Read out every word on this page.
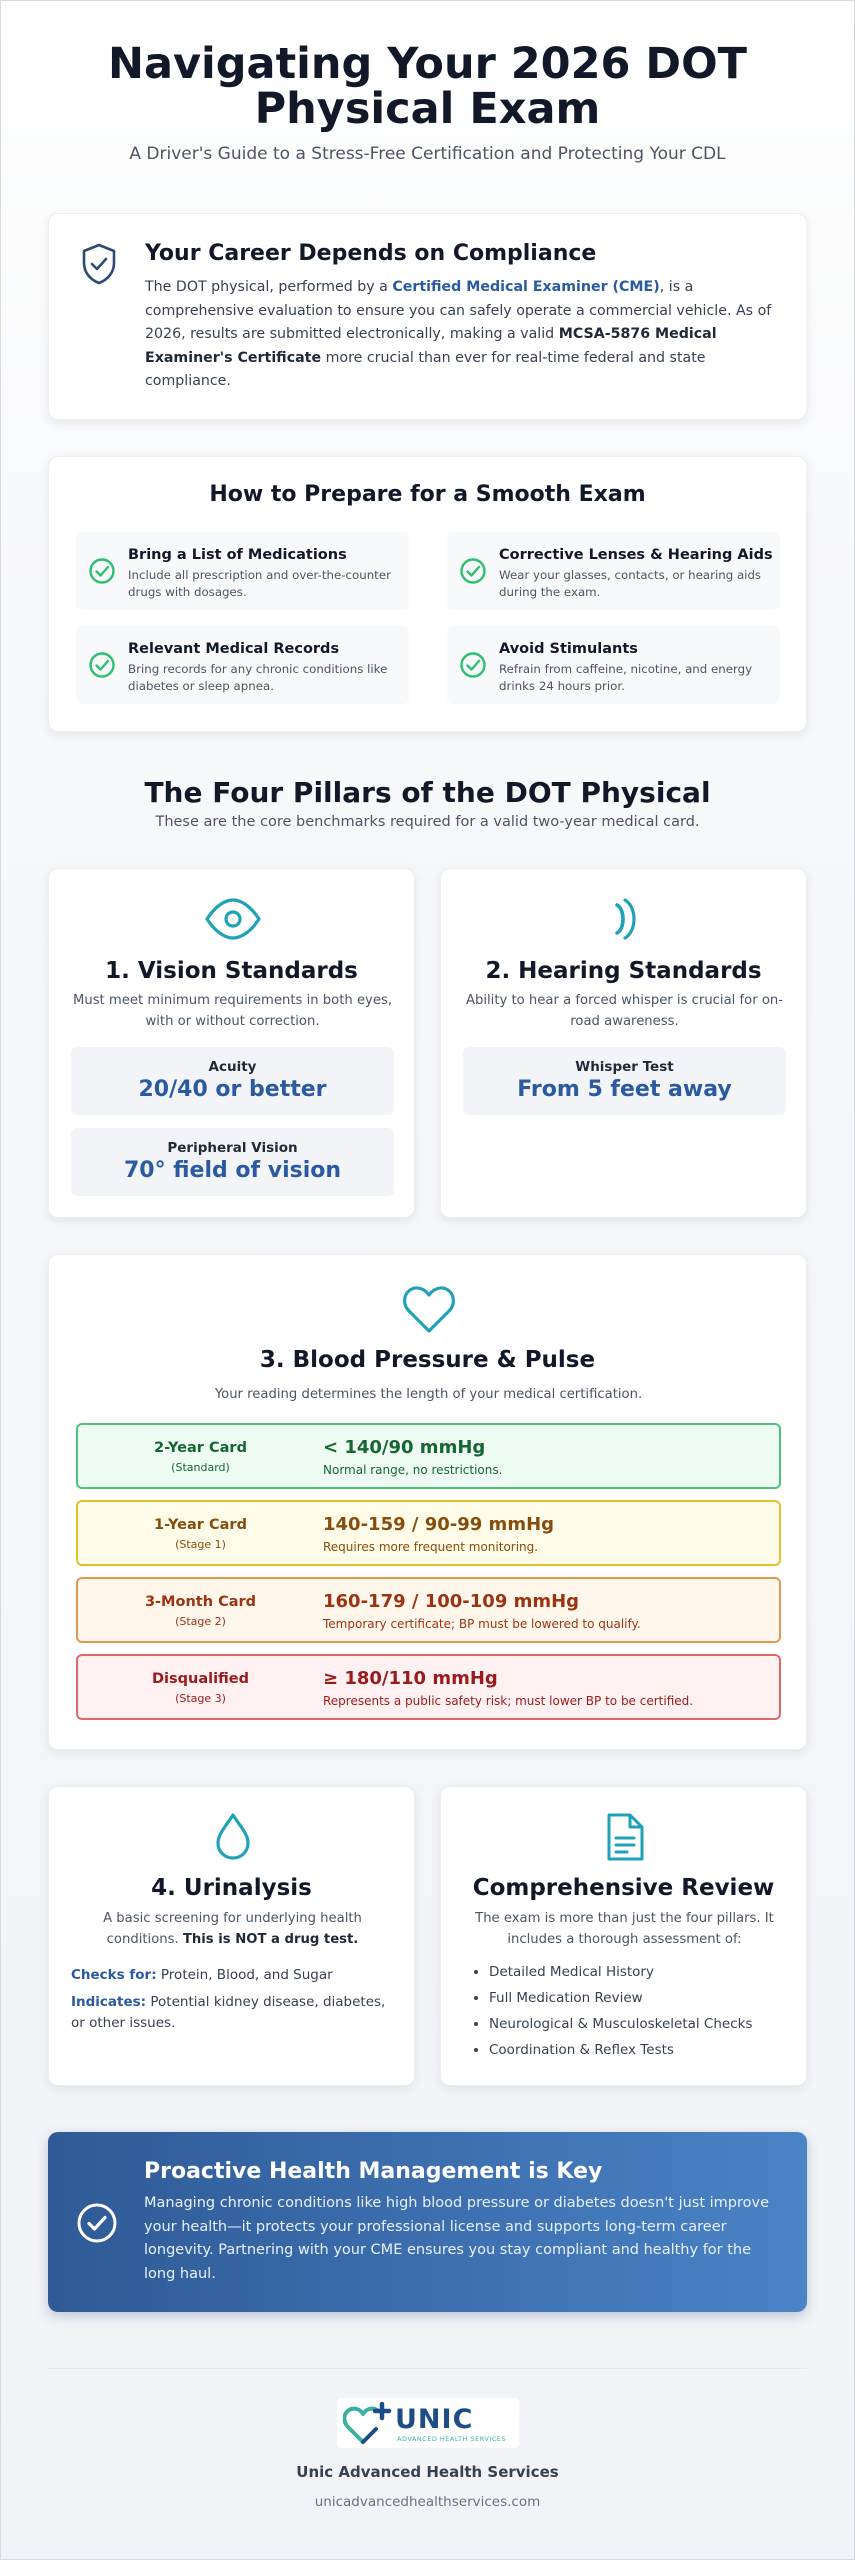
Navigating Your 2026 DOT Physical Exam
A Driver's Guide to a Stress-Free Certification and Protecting Your CDL
Your Career Depends on Compliance

The DOT physical, performed by a Certified Medical Examiner (CME), is a comprehensive evaluation to ensure you can safely operate a commercial vehicle. As of 2026, results are submitted electronically, making a valid MCSA-5876 Medical Examiner's Certificate more crucial than ever for real-time federal and state compliance.

How to Prepare for a Smooth Exam
Bring a List of Medications
Include all prescription and over-the-counter drugs with dosages.
Corrective Lenses & Hearing Aids
Wear your glasses, contacts, or hearing aids during the exam.
Relevant Medical Records
Bring records for any chronic conditions like diabetes or sleep apnea.
Avoid Stimulants
Refrain from caffeine, nicotine, and energy drinks 24 hours prior.
The Four Pillars of the DOT Physical
These are the core benchmarks required for a valid two-year medical card.
1. Vision Standards
Must meet minimum requirements in both eyes, with or without correction.
Acuity
20/40 or better
Peripheral Vision
70° field of vision
2. Hearing Standards
Ability to hear a forced whisper is crucial for on-road awareness.
Whisper Test
From 5 feet away
3. Blood Pressure & Pulse
Your reading determines the length of your medical certification.
2-Year Card
(Standard)
< 140/90 mmHg
Normal range, no restrictions.
1-Year Card
(Stage 1)
140-159 / 90-99 mmHg
Requires more frequent monitoring.
3-Month Card
(Stage 2)
160-179 / 100-109 mmHg
Temporary certificate; BP must be lowered to qualify.
Disqualified
(Stage 3)
≥ 180/110 mmHg
Represents a public safety risk; must lower BP to be certified.
4. Urinalysis
A basic screening for underlying health conditions. This is NOT a drug test.
Checks for: Protein, Blood, and Sugar
Indicates: Potential kidney disease, diabetes, or other issues.
Comprehensive Review
The exam is more than just the four pillars. It includes a thorough assessment of:
• Detailed Medical History
• Full Medication Review
• Neurological & Musculoskeletal Checks
• Coordination & Reflex Tests
Proactive Health Management is Key

Managing chronic conditions like high blood pressure or diabetes doesn't just improve your health—it protects your professional license and supports long-term career longevity. Partnering with your CME ensures you stay compliant and healthy for the long haul.

UNIC
ADVANCED HEALTH SERVICES
Unic Advanced Health Services
unicadvancedhealthservices.com
